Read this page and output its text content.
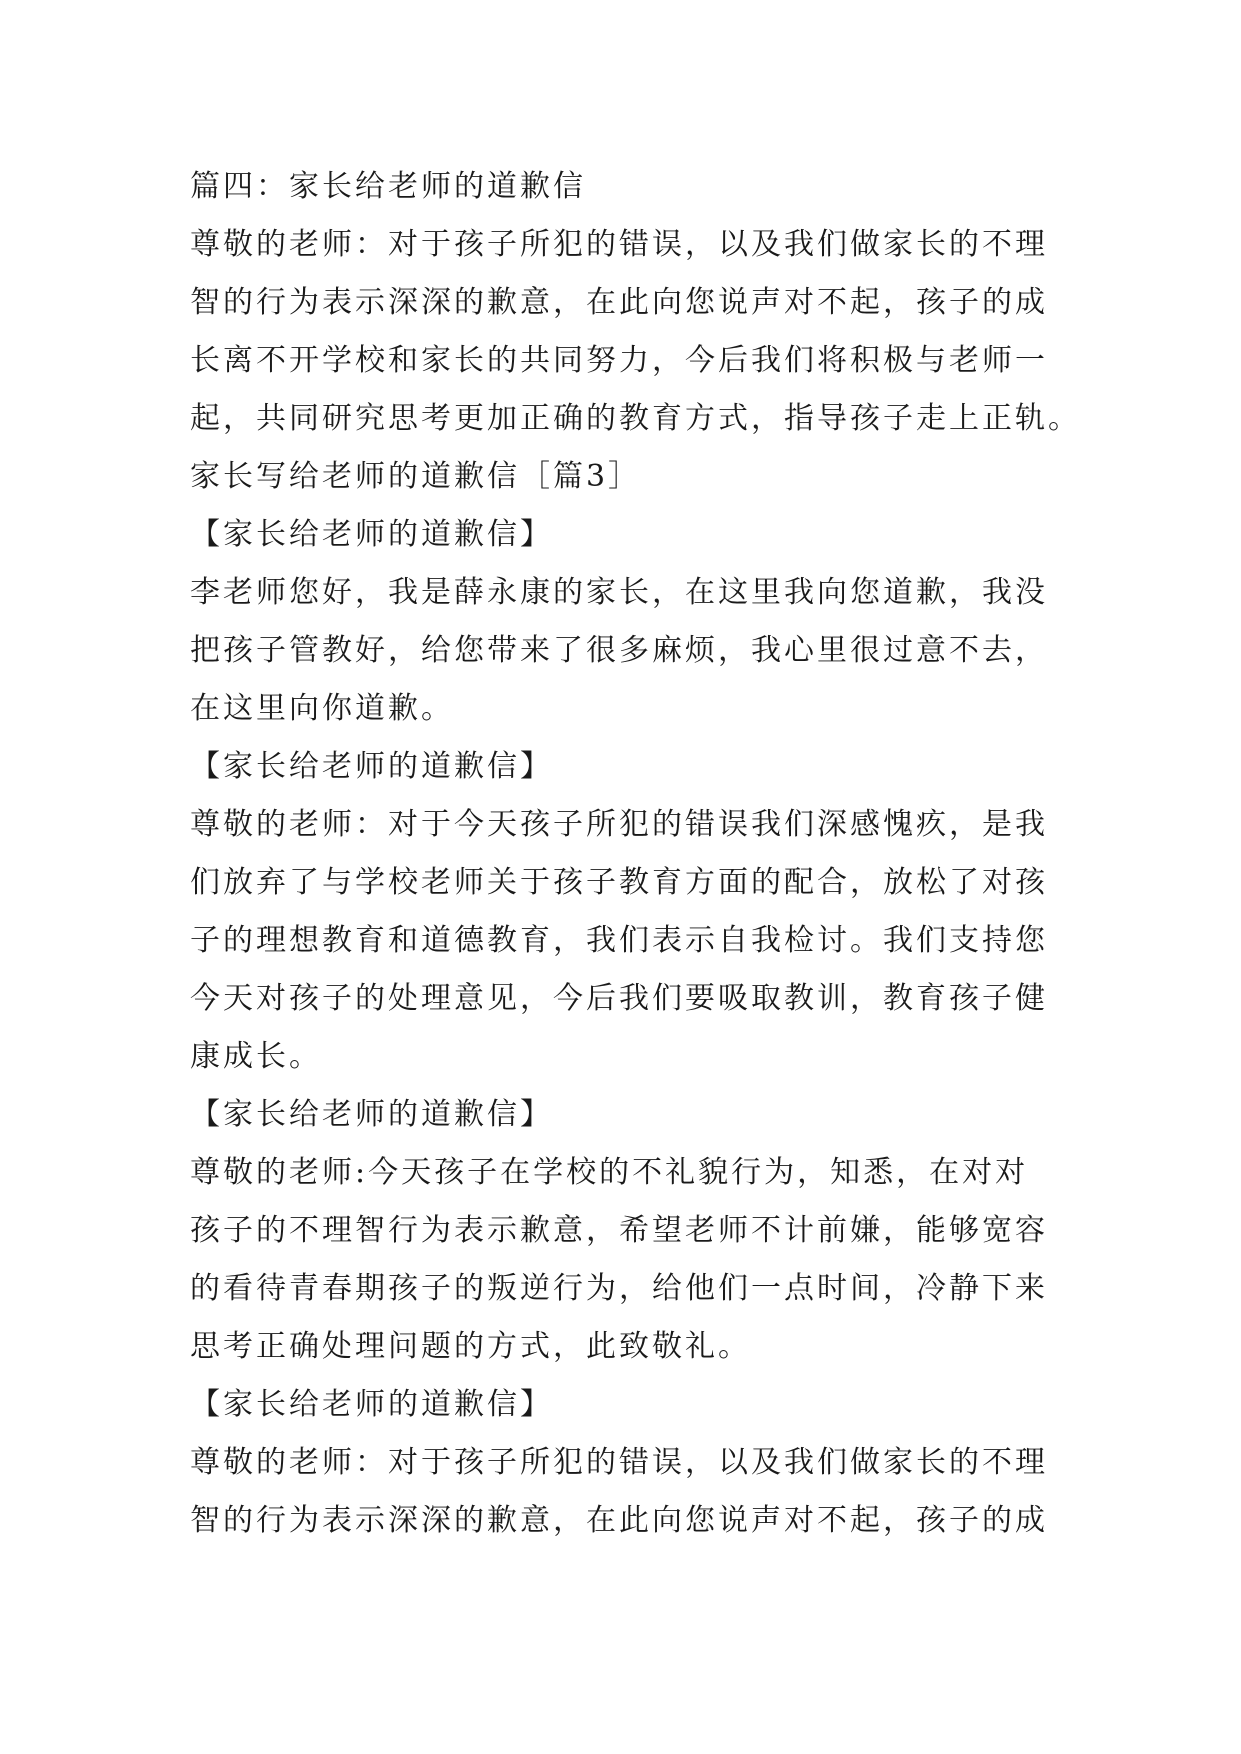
篇四：家长给老师的道歉信
尊敬的老师：对于孩子所犯的错误，以及我们做家长的不理
智的行为表示深深的歉意，在此向您说声对不起，孩子的成
长离不开学校和家长的共同努力，今后我们将积极与老师一
起，共同研究思考更加正确的教育方式，指导孩子走上正轨。
家长写给老师的道歉信［篇3］
【家长给老师的道歉信】
李老师您好，我是薛永康的家长，在这里我向您道歉，我没
把孩子管教好，给您带来了很多麻烦，我心里很过意不去，
在这里向你道歉。
【家长给老师的道歉信】
尊敬的老师：对于今天孩子所犯的错误我们深感愧疚，是我
们放弃了与学校老师关于孩子教育方面的配合，放松了对孩
子的理想教育和道德教育，我们表示自我检讨。我们支持您
今天对孩子的处理意见，今后我们要吸取教训，教育孩子健
康成长。
【家长给老师的道歉信】
尊敬的老师:今天孩子在学校的不礼貌行为，知悉，在对对
孩子的不理智行为表示歉意，希望老师不计前嫌，能够宽容
的看待青春期孩子的叛逆行为，给他们一点时间，冷静下来
思考正确处理问题的方式，此致敬礼。
【家长给老师的道歉信】
尊敬的老师：对于孩子所犯的错误，以及我们做家长的不理
智的行为表示深深的歉意，在此向您说声对不起，孩子的成
